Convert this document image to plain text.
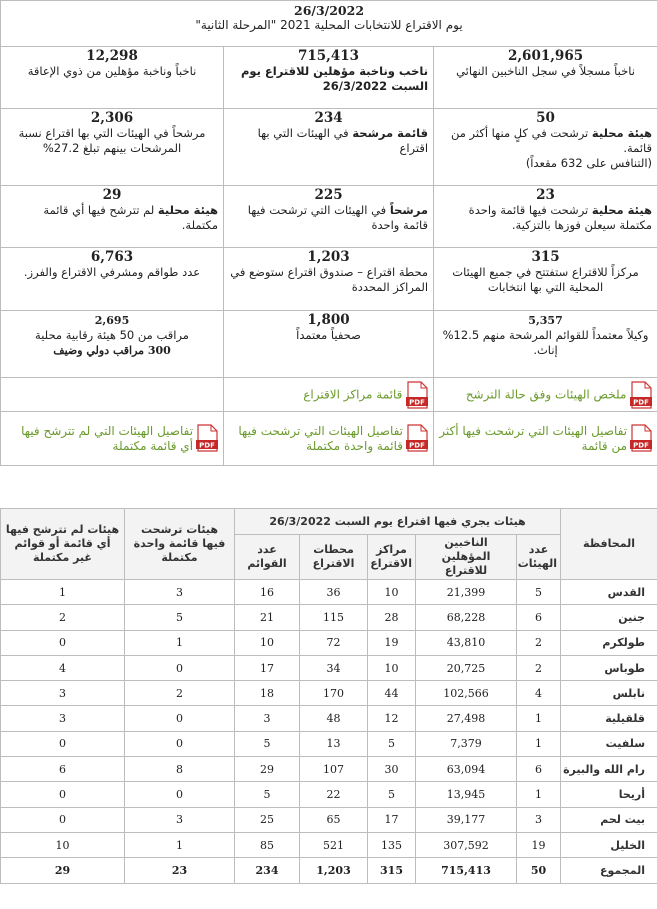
26/3/2022
يوم الاقتراع للانتخابات المحلية 2021 "المرحلة الثانية"		

2,601,965
ناخباً مسجلاً في سجل الناخبين النهائي	715,413
ناخب وناخبة مؤهلين للاقتراع يوم السبت 26/3/2022	12,298
ناخباً وناخبة مؤهلين من ذوي الإعاقة

50
هيئة محلية ترشحت في كلٍ منها أكثر من قائمة.
(التنافس على 632 مقعداً)	234
قائمة مرشحة في الهيئات التي بها اقتراع	2,306
مرشحاً في الهيئات التي بها اقتراع نسبة المرشحات بينهم تبلغ 27.2%

23
هيئة محلية ترشحت فيها قائمة واحدة مكتملة سيعلن فوزها بالتزكية.	225
مرشحاً في الهيئات التي ترشحت فيها قائمة واحدة	29
هيئة محلية لم تترشح فيها أي قائمة مكتملة.

315
مركزاً للاقتراع ستفتتح في جميع الهيئات المحلية التي بها انتخابات	1,203
محطة اقتراع – صندوق اقتراع ستوضع في المراكز المحددة	6,763
عدد طواقم ومشرفي الاقتراع والفرز.

5,357
وكيلاً معتمداً للقوائم المرشحة منهم 12.5% إناث.	1,800
صحفياً معتمداً	2,695
مراقب من 50 هيئة رقابية محلية
300 مراقب دولي وضيف

PDF
ملخص الهيئات وفق حالة الترشح	PDF
قائمة مراكز الاقتراع	

PDF
تفاصيل الهيئات التي ترشحت فيها أكثر من قائمة	PDF
تفاصيل الهيئات التي ترشحت فيها قائمة واحدة مكتملة	PDF
تفاصيل الهيئات التي لم تترشح فيها أي قائمة مكتملة
المحافظة	هيئات يجري فيها اقتراع يوم السبت 26/3/2022					هيئات ترشحت فيها قائمة واحدة مكتملة	هيئات لم تترشح فيها أي قائمة أو قوائم غير مكتملة
	عدد الهيئات	الناخبين المؤهلين للاقتراع	مراكز الاقتراع	محطات الاقتراع	عدد القوائم		
القدس	5	21,399	10	36	16	3	1
جنين	6	68,228	28	115	21	5	2
طولكرم	2	43,810	19	72	10	1	0
طوباس	2	20,725	10	34	17	0	4
نابلس	4	102,566	44	170	18	2	3
قلقيلية	1	27,498	12	48	3	0	3
سلفيت	1	7,379	5	13	5	0	0
رام الله والبيرة	6	63,094	30	107	29	8	6
أريحا	1	13,945	5	22	5	0	0
بيت لحم	3	39,177	17	65	25	3	0
الخليل	19	307,592	135	521	85	1	10
المجموع	50	715,413	315	1,203	234	23	29
